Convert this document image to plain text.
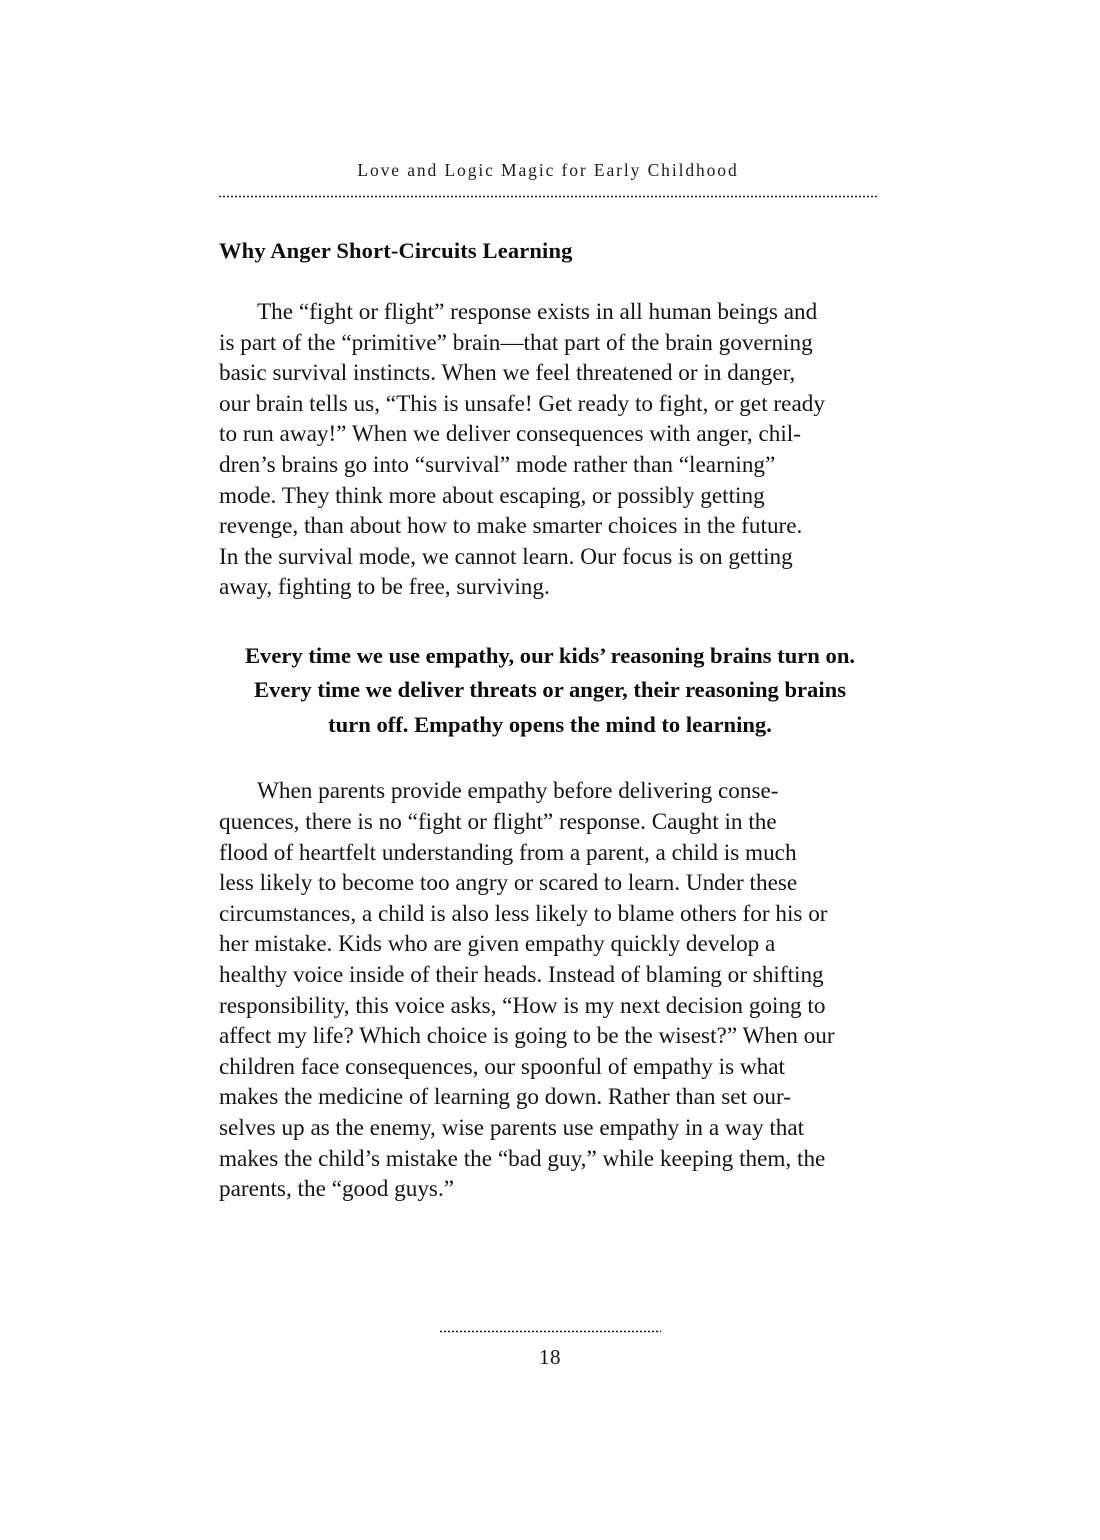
Love and Logic Magic for Early Childhood
Why Anger Short-Circuits Learning

The “fight or flight” response exists in all human beings and
is part of the “primitive” brain—that part of the brain governing
basic survival instincts. When we feel threatened or in danger,
our brain tells us, “This is unsafe! Get ready to fight, or get ready
to run away!” When we deliver consequences with anger, chil-
dren’s brains go into “survival” mode rather than “learning”
mode. They think more about escaping, or possibly getting
revenge, than about how to make smarter choices in the future.
In the survival mode, we cannot learn. Our focus is on getting
away, fighting to be free, surviving.

Every time we use empathy, our kids’ reasoning brains turn on.
Every time we deliver threats or anger, their reasoning brains
turn off. Empathy opens the mind to learning.

When parents provide empathy before delivering conse-
quences, there is no “fight or flight” response. Caught in the
flood of heartfelt understanding from a parent, a child is much
less likely to become too angry or scared to learn. Under these
circumstances, a child is also less likely to blame others for his or
her mistake. Kids who are given empathy quickly develop a
healthy voice inside of their heads. Instead of blaming or shifting
responsibility, this voice asks, “How is my next decision going to
affect my life? Which choice is going to be the wisest?” When our
children face consequences, our spoonful of empathy is what
makes the medicine of learning go down. Rather than set our-
selves up as the enemy, wise parents use empathy in a way that
makes the child’s mistake the “bad guy,” while keeping them, the
parents, the “good guys.”

18
